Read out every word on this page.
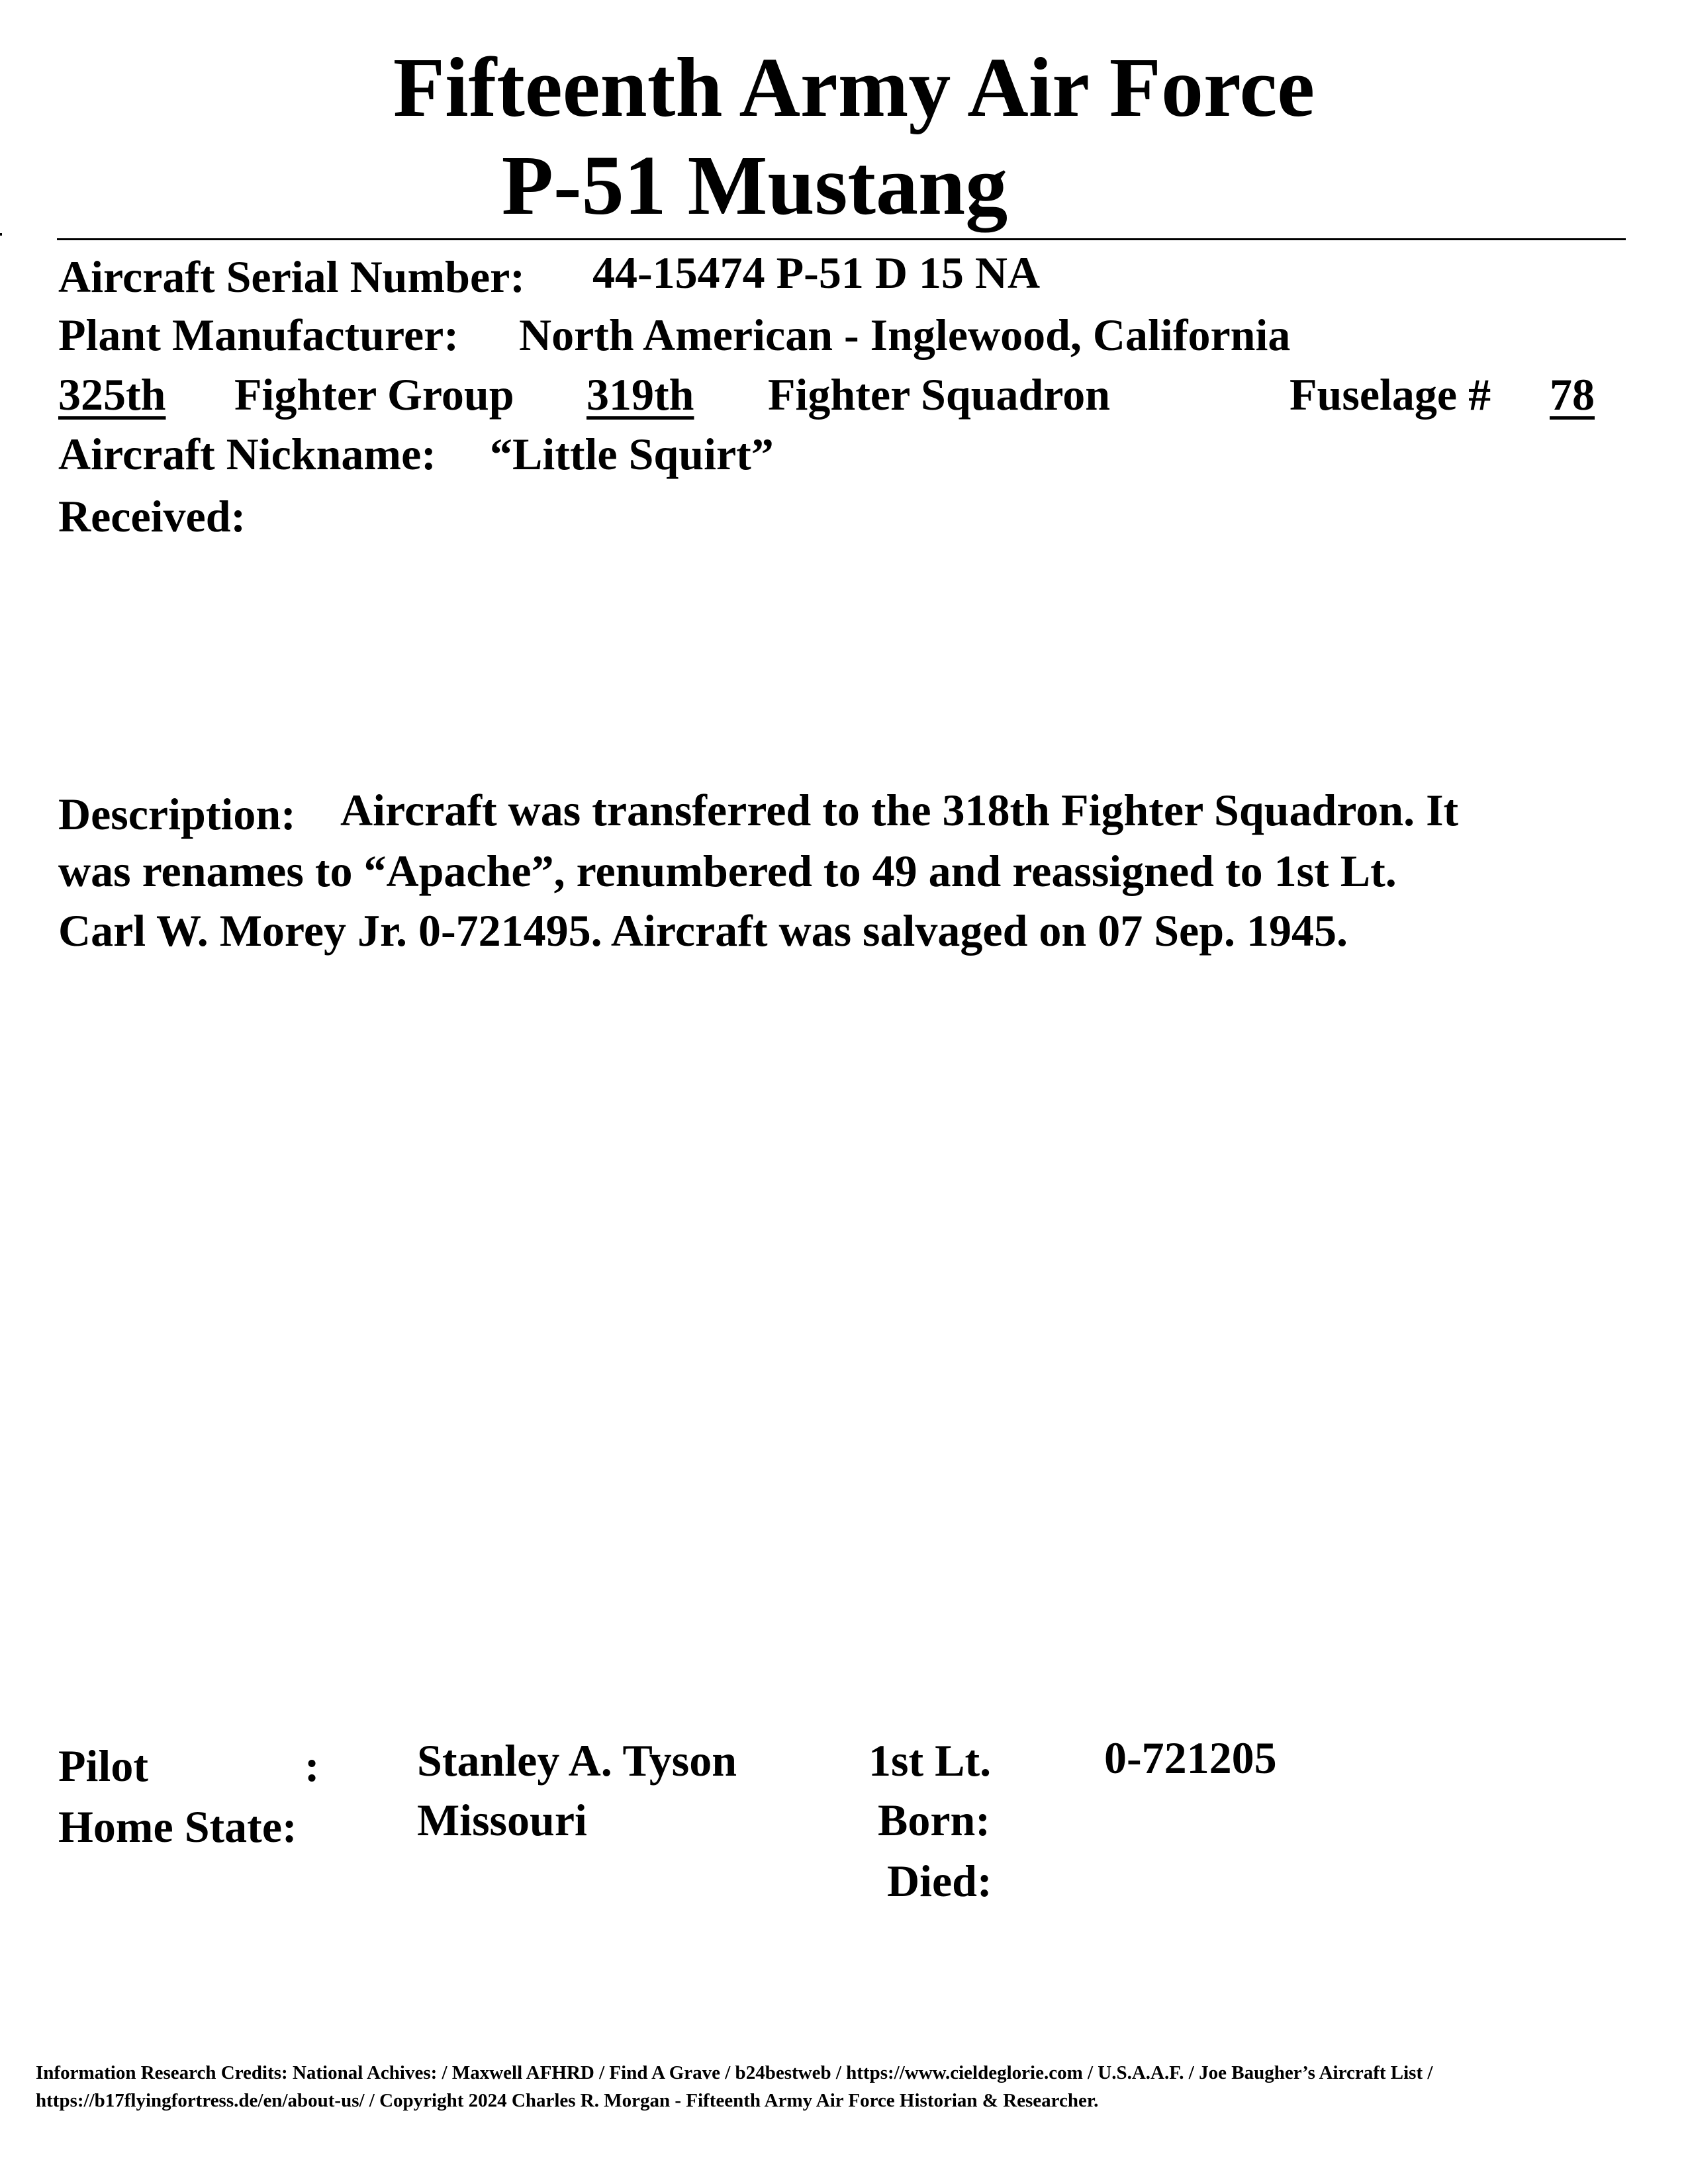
Fifteenth Army Air Force
P-51 Mustang
Aircraft Serial Number: 44-15474 P-51 D 15 NA
Plant Manufacturer: North American - Inglewood, California
325th	Fighter Group 319th	Fighter Squadron	Fuselage #	78
Aircraft Nickname: “Little Squirt”
Received:
Description: Aircraft was transferred to the 318th Fighter Squadron. It
was renames to “Apache”, renumbered to 49 and reassigned to 1st Lt.
Carl W. Morey Jr. 0-721495. Aircraft was salvaged on 07 Sep. 1945.
Pilot	: Stanley A. Tyson	1st Lt.	0-721205
Home State:	Missouri	Born:
Died:
Information Research Credits: National Achives: / Maxwell AFHRD / Find A Grave / b24bestweb / https://www.cieldeglorie.com / U.S.A.A.F. / Joe Baugher’s Aircraft List /
https://b17flyingfortress.de/en/about-us/ / Copyright 2024 Charles R. Morgan - Fifteenth Army Air Force Historian & Researcher.
